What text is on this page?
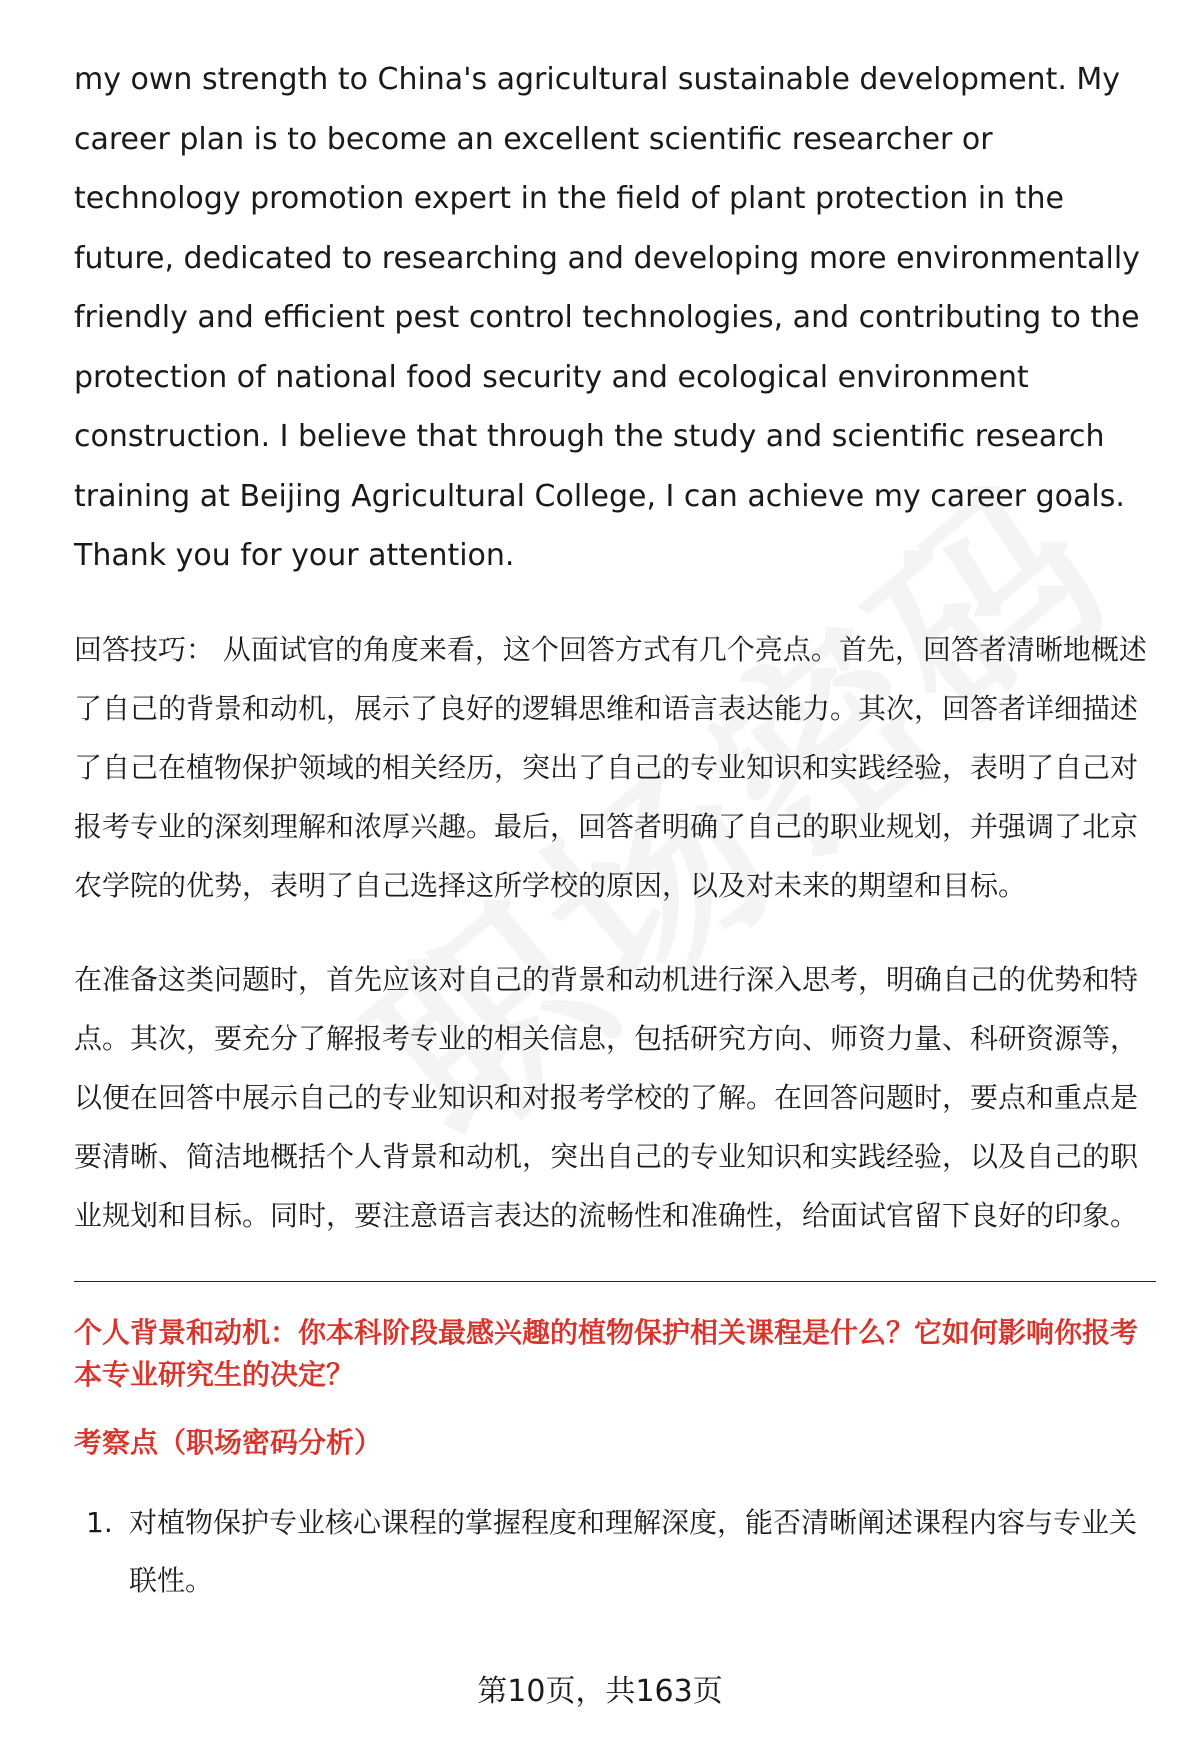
my own strength to China's agricultural sustainable development. My career plan is to become an excellent scientific researcher or technology promotion expert in the field of plant protection in the future, dedicated to researching and developing more environmentally friendly and efficient pest control technologies, and contributing to the protection of national food security and ecological environment construction. I believe that through the study and scientific research training at Beijing Agricultural College, I can achieve my career goals. Thank you for your attention.

回答技巧： 从面试官的角度来看，这个回答方式有几个亮点。首先，回答者清晰地概述了自己的背景和动机，展示了良好的逻辑思维和语言表达能力。其次，回答者详细描述了自己在植物保护领域的相关经历，突出了自己的专业知识和实践经验，表明了自己对报考专业的深刻理解和浓厚兴趣。最后，回答者明确了自己的职业规划，并强调了北京农学院的优势，表明了自己选择这所学校的原因，以及对未来的期望和目标。

在准备这类问题时，首先应该对自己的背景和动机进行深入思考，明确自己的优势和特点。其次，要充分了解报考专业的相关信息，包括研究方向、师资力量、科研资源等，以便在回答中展示自己的专业知识和对报考学校的了解。在回答问题时，要点和重点是要清晰、简洁地概括个人背景和动机，突出自己的专业知识和实践经验，以及自己的职业规划和目标。同时，要注意语言表达的流畅性和准确性，给面试官留下良好的印象。

个人背景和动机：你本科阶段最感兴趣的植物保护相关课程是什么？它如何影响你报考本专业研究生的决定？
考察点（职场密码分析）
1. 对植物保护专业核心课程的掌握程度和理解深度，能否清晰阐述课程内容与专业关联性。
第10页，共163页
